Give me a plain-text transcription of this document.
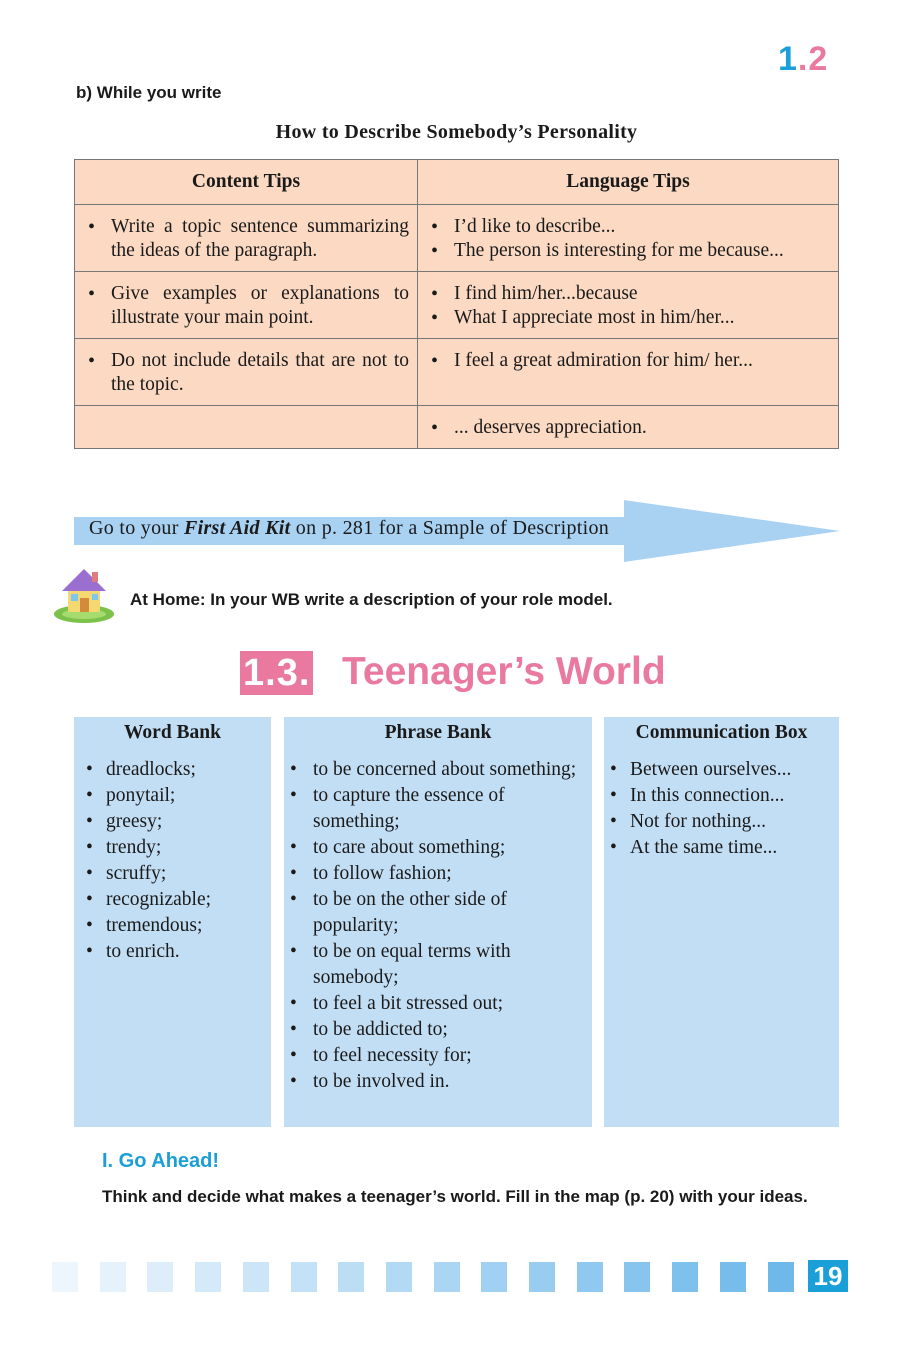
1.2
b) While you write
How to Describe Somebody’s Personality
Content Tips	Language Tips

• Write a topic sentence summarizing the ideas of the paragraph.	• I’d like to describe...
• The person is interesting for me because...

• Give examples or explanations to illustrate your main point.	• I find him/her...because
• What I appreciate most in him/her...

• Do not include details that are not to the topic.	• I feel a great admiration for him/ her...

	• ... deserves appreciation.
Go to your First Aid Kit on p. 281 for a Sample of Description
At Home: In your WB write a description of your role model.
1.3. Teenager’s World
Word Bank
• dreadlocks;
• ponytail;
• greesy;
• trendy;
• scruffy;
• recognizable;
• tremendous;
• to enrich.
Phrase Bank
• to be concerned about something;
• to capture the essence of something;
• to care about something;
• to follow fashion;
• to be on the other side of popularity;
• to be on equal terms with somebody;
• to feel a bit stressed out;
• to be addicted to;
• to feel necessity for;
• to be involved in.
Communication Box
• Between ourselves...
• In this connection...
• Not for nothing...
• At the same time...
I. Go Ahead!
Think and decide what makes a teenager’s world. Fill in the map (p. 20) with your ideas.
19
